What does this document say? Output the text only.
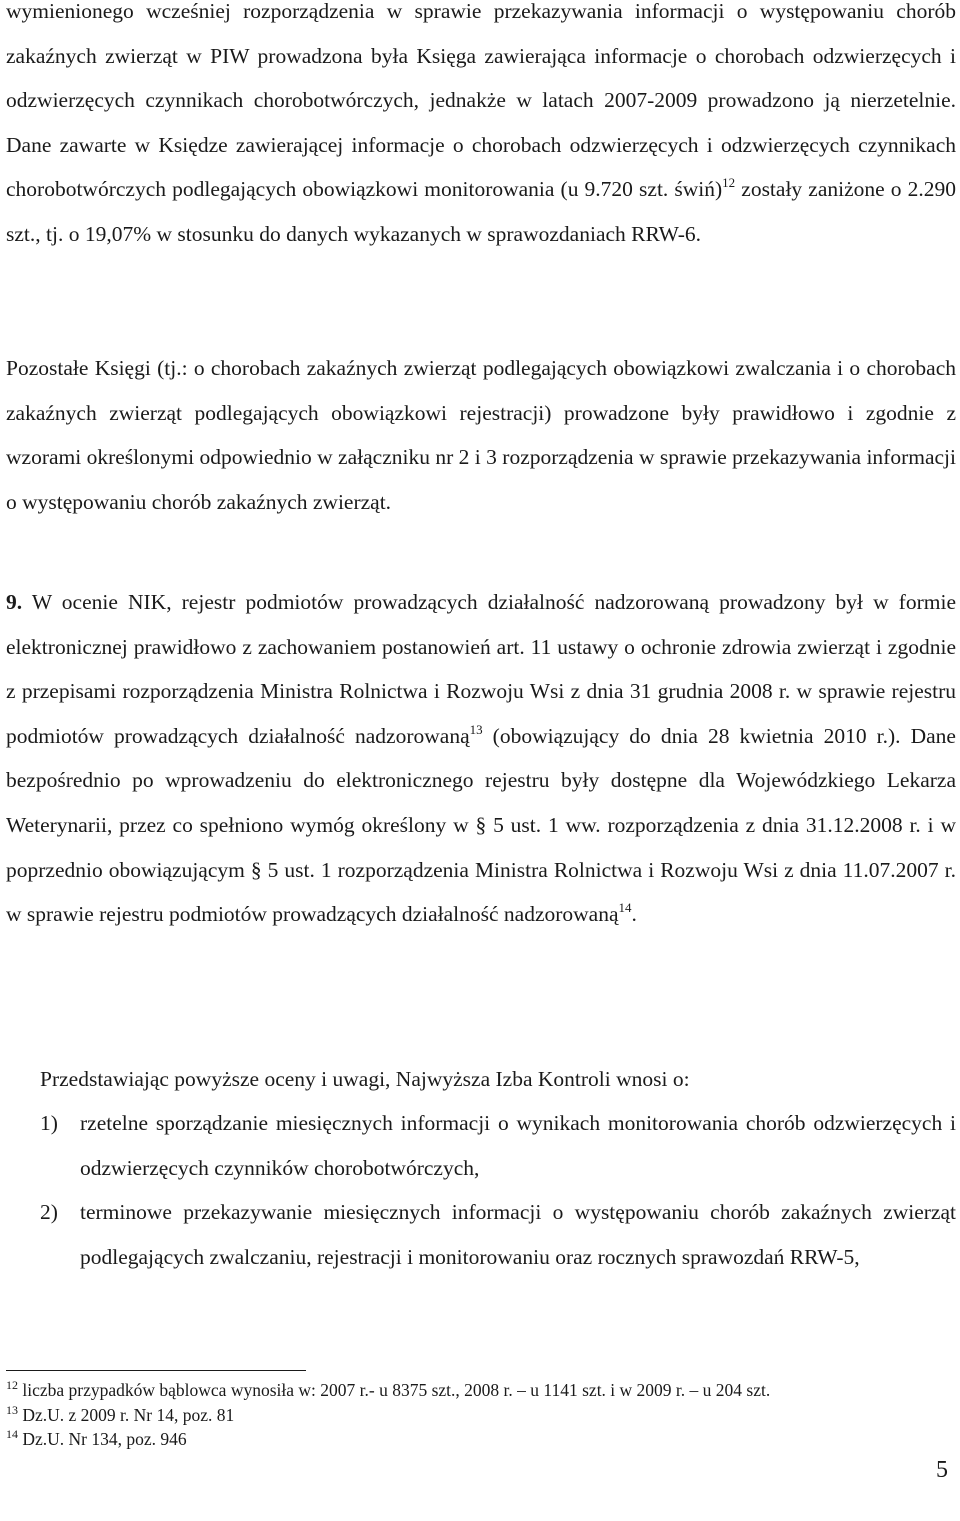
wymienionego wcześniej rozporządzenia w sprawie przekazywania informacji o występowaniu chorób zakaźnych zwierząt w PIW prowadzona była Księga zawierająca informacje o chorobach odzwierzęcych i odzwierzęcych czynnikach chorobotwórczych, jednakże w latach 2007-2009 prowadzono ją nierzetelnie. Dane zawarte w Księdze zawierającej informacje o chorobach odzwierzęcych i odzwierzęcych czynnikach chorobotwórczych podlegających obowiązkowi monitorowania (u 9.720 szt. świń)$^{12}$ zostały zaniżone o 2.290 szt., tj. o 19,07% w stosunku do danych wykazanych w sprawozdaniach RRW-6.

Pozostałe Księgi (tj.: o chorobach zakaźnych zwierząt podlegających obowiązkowi zwalczania i o chorobach zakaźnych zwierząt podlegających obowiązkowi rejestracji) prowadzone były prawidłowo i zgodnie z wzorami określonymi odpowiednio w załączniku nr 2 i 3 rozporządzenia w sprawie przekazywania informacji o występowaniu chorób zakaźnych zwierząt.

9. W ocenie NIK, rejestr podmiotów prowadzących działalność nadzorowaną prowadzony był w formie elektronicznej prawidłowo z zachowaniem postanowień art. 11 ustawy o ochronie zdrowia zwierząt i zgodnie z przepisami rozporządzenia Ministra Rolnictwa i Rozwoju Wsi z dnia 31 grudnia 2008 r. w sprawie rejestru podmiotów prowadzących działalność nadzorowaną$^{13}$ (obowiązujący do dnia 28 kwietnia 2010 r.). Dane bezpośrednio po wprowadzeniu do elektronicznego rejestru były dostępne dla Wojewódzkiego Lekarza Weterynarii, przez co spełniono wymóg określony w § 5 ust. 1 ww. rozporządzenia z dnia 31.12.2008 r. i w poprzednio obowiązującym § 5 ust. 1 rozporządzenia Ministra Rolnictwa i Rozwoju Wsi z dnia 11.07.2007 r. w sprawie rejestru podmiotów prowadzących działalność nadzorowaną$^{14}$.

Przedstawiając powyższe oceny i uwagi, Najwyższa Izba Kontroli wnosi o:

1) rzetelne sporządzanie miesięcznych informacji o wynikach monitorowania chorób odzwierzęcych i odzwierzęcych czynników chorobotwórczych,
2) terminowe przekazywanie miesięcznych informacji o występowaniu chorób zakaźnych zwierząt podlegających zwalczaniu, rejestracji i monitorowaniu oraz rocznych sprawozdań RRW-5,
$^{12}$ liczba przypadków bąblowca wynosiła w: 2007 r.- u 8375 szt., 2008 r. – u 1141 szt. i w 2009 r. – u 204 szt.
$^{13}$ Dz.U. z 2009 r. Nr 14, poz. 81
$^{14}$ Dz.U. Nr 134, poz. 946
5
